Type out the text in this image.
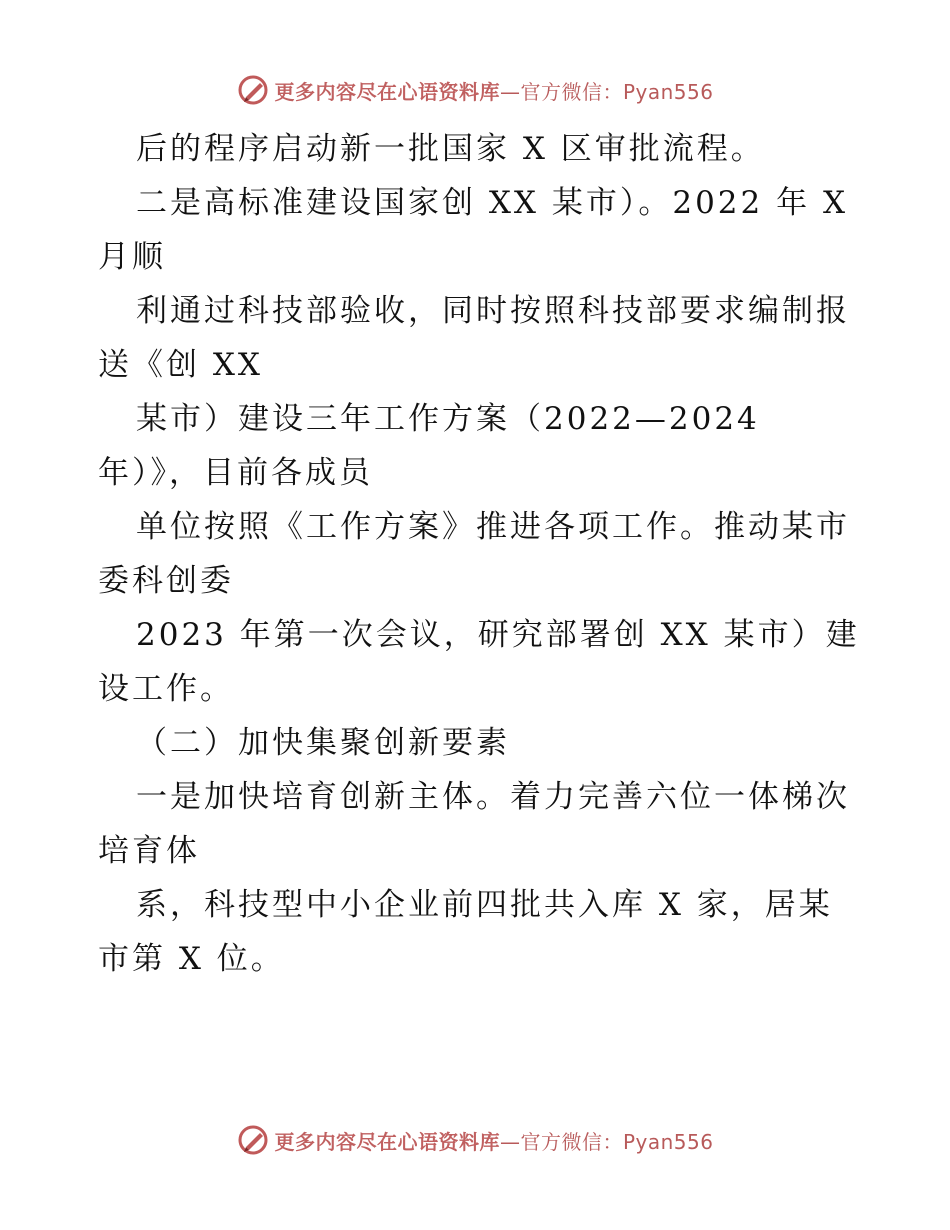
更多内容尽在心语资料库—官方微信：Pyan556
后的程序启动新一批国家 X 区审批流程。
二是高标准建设国家创 XX 某市）。2022 年 X
月顺
利通过科技部验收，同时按照科技部要求编制报
送《创 XX
某市）建设三年工作方案（2022—2024
年）》，目前各成员
单位按照《工作方案》推进各项工作。推动某市
委科创委
2023 年第一次会议，研究部署创 XX 某市）建
设工作。
（二）加快集聚创新要素
一是加快培育创新主体。着力完善六位一体梯次
培育体
系，科技型中小企业前四批共入库 X 家，居某
市第 X 位。
更多内容尽在心语资料库—官方微信：Pyan556
